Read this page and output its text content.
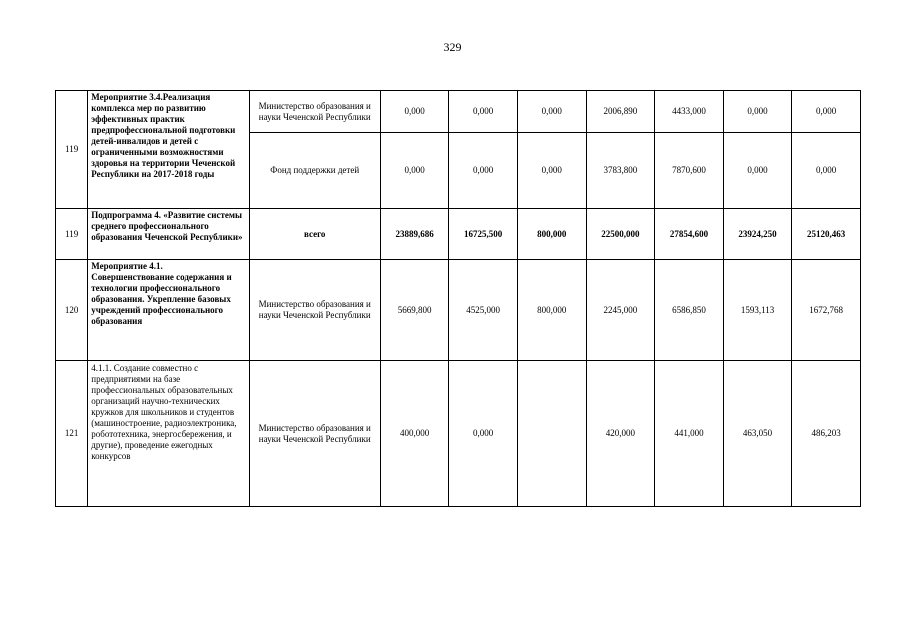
329
119	Мероприятие 3.4.Реализация комплекса мер по развитию эффективных практик предпрофессиональной подготовки детей-инвалидов и детей с ограниченными возможностями здоровья на территории Чеченской Республики на 2017-2018 годы	Министерство образования и науки Чеченской Республики	0,000	0,000	0,000	2006,890	4433,000	0,000	0,000
		Фонд поддержки детей	0,000	0,000	0,000	3783,800	7870,600	0,000	0,000
119	Подпрограмма 4. «Развитие системы среднего профессионального образования Чеченской Республики»	всего	23889,686	16725,500	800,000	22500,000	27854,600	23924,250	25120,463
120	Мероприятие 4.1. Совершенствование содержания и технологии профессионального образования. Укрепление базовых учреждений профессионального образования	Министерство образования и науки Чеченской Республики	5669,800	4525,000	800,000	2245,000	6586,850	1593,113	1672,768
121	4.1.1. Создание совместно с предприятиями на базе профессиональных образовательных организаций научно-технических кружков для школьников и студентов (машиностроение, радиоэлектроника, робототехника, энергосбережения, и другие), проведение ежегодных конкурсов	Министерство образования и науки Чеченской Республики	400,000	0,000		420,000	441,000	463,050	486,203
